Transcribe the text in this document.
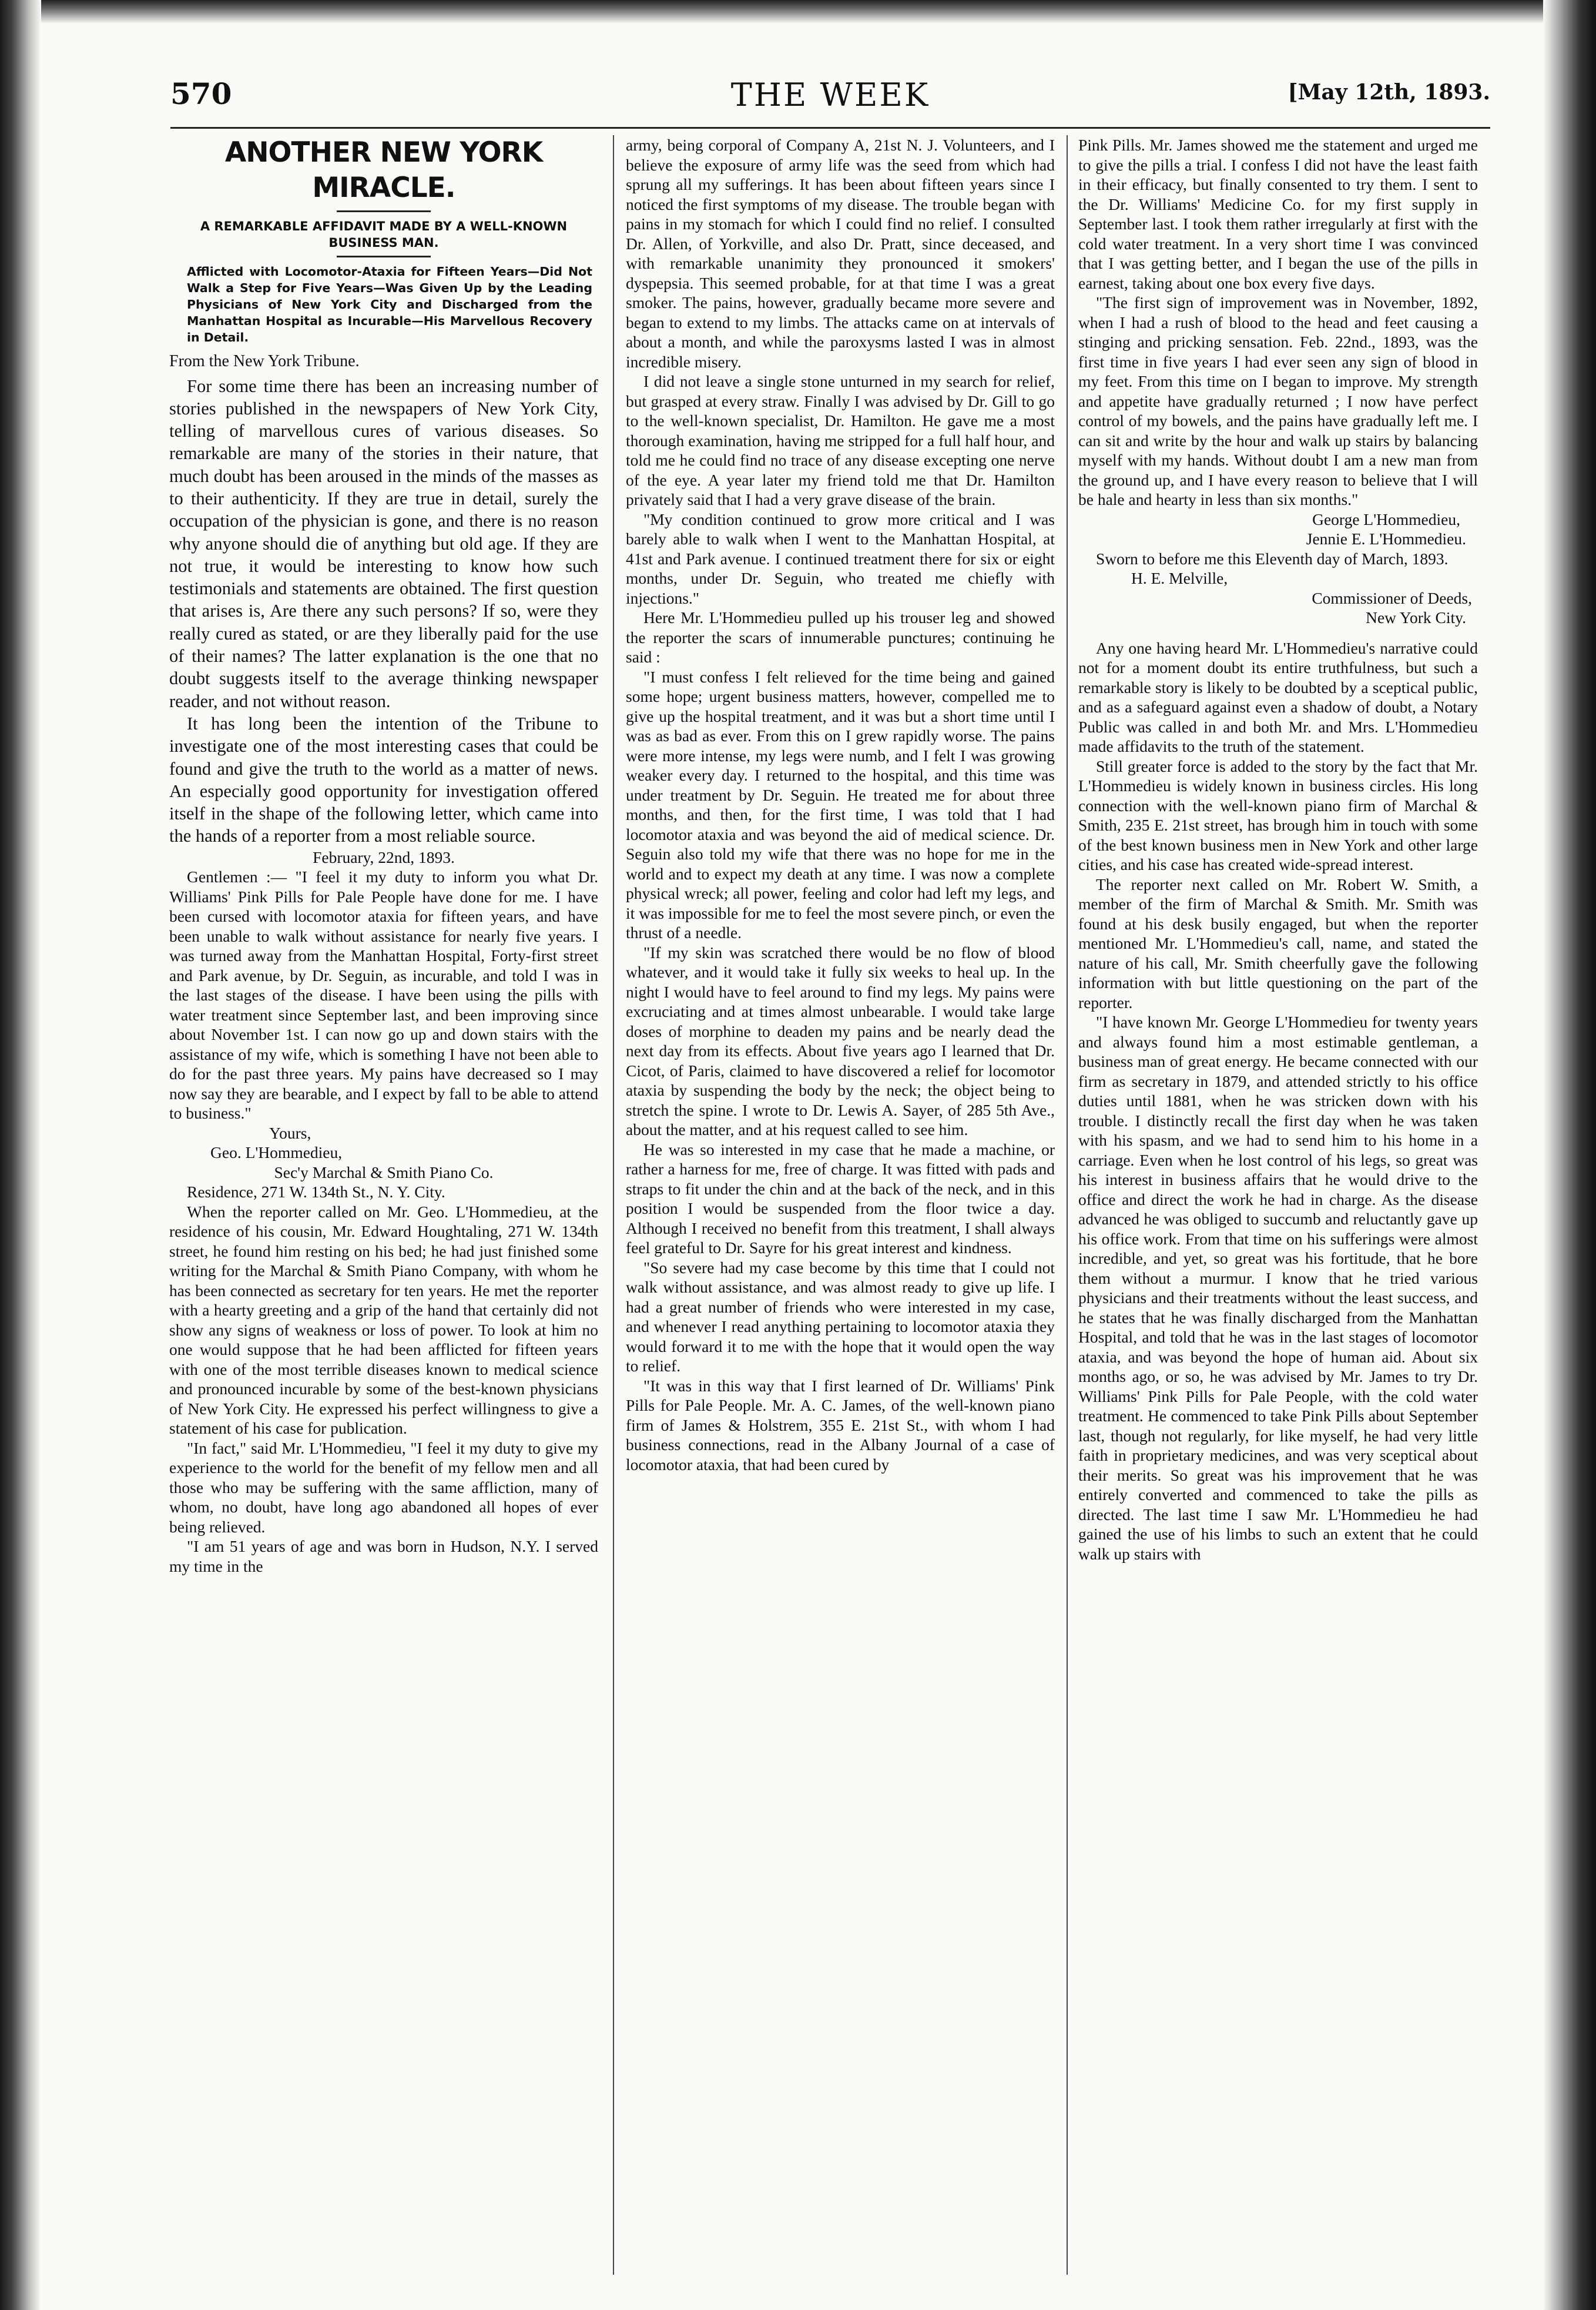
570	THE WEEK	[May 12th, 1893.
ANOTHER NEW YORK MIRACLE.
A REMARKABLE AFFIDAVIT MADE BY A WELL-KNOWN BUSINESS MAN.
Afflicted with Locomotor-Ataxia for Fifteen Years—Did Not Walk a Step for Five Years—Was Given Up by the Leading Physicians of New York City and Discharged from the Manhattan Hospital as Incurable—His Marvellous Recovery in Detail.
From the New York Tribune.

For some time there has been an increasing number of stories published in the newspapers of New York City, telling of marvellous cures of various diseases. So remarkable are many of the stories in their nature, that much doubt has been aroused in the minds of the masses as to their authenticity. If they are true in detail, surely the occupation of the physician is gone, and there is no reason why anyone should die of anything but old age. If they are not true, it would be interesting to know how such testimonials and statements are obtained. The first question that arises is, Are there any such persons? If so, were they really cured as stated, or are they liberally paid for the use of their names? The latter explanation is the one that no doubt suggests itself to the average thinking newspaper reader, and not without reason.

It has long been the intention of the Tribune to investigate one of the most interesting cases that could be found and give the truth to the world as a matter of news. An especially good opportunity for investigation offered itself in the shape of the following letter, which came into the hands of a reporter from a most reliable source.

February, 22nd, 1893.

Gentlemen :— "I feel it my duty to inform you what Dr. Williams' Pink Pills for Pale People have done for me. I have been cursed with locomotor ataxia for fifteen years, and have been unable to walk without assistance for nearly five years. I was turned away from the Manhattan Hospital, Forty-first street and Park avenue, by Dr. Seguin, as incurable, and told I was in the last stages of the disease. I have been using the pills with water treatment since September last, and been improving since about November 1st. I can now go up and down stairs with the assistance of my wife, which is something I have not been able to do for the past three years. My pains have decreased so I may now say they are bearable, and I expect by fall to be able to attend to business."

Yours,

Geo. L'Hommedieu,

Sec'y Marchal & Smith Piano Co.

Residence, 271 W. 134th St., N. Y. City.

When the reporter called on Mr. Geo. L'Hommedieu, at the residence of his cousin, Mr. Edward Houghtaling, 271 W. 134th street, he found him resting on his bed; he had just finished some writing for the Marchal & Smith Piano Company, with whom he has been connected as secretary for ten years. He met the reporter with a hearty greeting and a grip of the hand that certainly did not show any signs of weakness or loss of power. To look at him no one would suppose that he had been afflicted for fifteen years with one of the most terrible diseases known to medical science and pronounced incurable by some of the best-known physicians of New York City. He expressed his perfect willingness to give a statement of his case for publication.

"In fact," said Mr. L'Hommedieu, "I feel it my duty to give my experience to the world for the benefit of my fellow men and all those who may be suffering with the same affliction, many of whom, no doubt, have long ago abandoned all hopes of ever being relieved.

"I am 51 years of age and was born in Hudson, N.Y. I served my time in the

army, being corporal of Company A, 21st N. J. Volunteers, and I believe the exposure of army life was the seed from which had sprung all my sufferings. It has been about fifteen years since I noticed the first symptoms of my disease. The trouble began with pains in my stomach for which I could find no relief. I consulted Dr. Allen, of Yorkville, and also Dr. Pratt, since deceased, and with remarkable unanimity they pronounced it smokers' dyspepsia. This seemed probable, for at that time I was a great smoker. The pains, however, gradually became more severe and began to extend to my limbs. The attacks came on at intervals of about a month, and while the paroxysms lasted I was in almost incredible misery.

I did not leave a single stone unturned in my search for relief, but grasped at every straw. Finally I was advised by Dr. Gill to go to the well-known specialist, Dr. Hamilton. He gave me a most thorough examination, having me stripped for a full half hour, and told me he could find no trace of any disease excepting one nerve of the eye. A year later my friend told me that Dr. Hamilton privately said that I had a very grave disease of the brain.

"My condition continued to grow more critical and I was barely able to walk when I went to the Manhattan Hospital, at 41st and Park avenue. I continued treatment there for six or eight months, under Dr. Seguin, who treated me chiefly with injections."

Here Mr. L'Hommedieu pulled up his trouser leg and showed the reporter the scars of innumerable punctures; continuing he said :

"I must confess I felt relieved for the time being and gained some hope; urgent business matters, however, compelled me to give up the hospital treatment, and it was but a short time until I was as bad as ever. From this on I grew rapidly worse. The pains were more intense, my legs were numb, and I felt I was growing weaker every day. I returned to the hospital, and this time was under treatment by Dr. Seguin. He treated me for about three months, and then, for the first time, I was told that I had locomotor ataxia and was beyond the aid of medical science. Dr. Seguin also told my wife that there was no hope for me in the world and to expect my death at any time. I was now a complete physical wreck; all power, feeling and color had left my legs, and it was impossible for me to feel the most severe pinch, or even the thrust of a needle.

"If my skin was scratched there would be no flow of blood whatever, and it would take it fully six weeks to heal up. In the night I would have to feel around to find my legs. My pains were excruciating and at times almost unbearable. I would take large doses of morphine to deaden my pains and be nearly dead the next day from its effects. About five years ago I learned that Dr. Cicot, of Paris, claimed to have discovered a relief for locomotor ataxia by suspending the body by the neck; the object being to stretch the spine. I wrote to Dr. Lewis A. Sayer, of 285 5th Ave., about the matter, and at his request called to see him.

He was so interested in my case that he made a machine, or rather a harness for me, free of charge. It was fitted with pads and straps to fit under the chin and at the back of the neck, and in this position I would be suspended from the floor twice a day. Although I received no benefit from this treatment, I shall always feel grateful to Dr. Sayre for his great interest and kindness.

"So severe had my case become by this time that I could not walk without assistance, and was almost ready to give up life. I had a great number of friends who were interested in my case, and whenever I read anything pertaining to locomotor ataxia they would forward it to me with the hope that it would open the way to relief.

"It was in this way that I first learned of Dr. Williams' Pink Pills for Pale People. Mr. A. C. James, of the well-known piano firm of James & Holstrem, 355 E. 21st St., with whom I had business connections, read in the Albany Journal of a case of locomotor ataxia, that had been cured by

Pink Pills. Mr. James showed me the statement and urged me to give the pills a trial. I confess I did not have the least faith in their efficacy, but finally consented to try them. I sent to the Dr. Williams' Medicine Co. for my first supply in September last. I took them rather irregularly at first with the cold water treatment. In a very short time I was convinced that I was getting better, and I began the use of the pills in earnest, taking about one box every five days.

"The first sign of improvement was in November, 1892, when I had a rush of blood to the head and feet causing a stinging and pricking sensation. Feb. 22nd., 1893, was the first time in five years I had ever seen any sign of blood in my feet. From this time on I began to improve. My strength and appetite have gradually returned ; I now have perfect control of my bowels, and the pains have gradually left me. I can sit and write by the hour and walk up stairs by balancing myself with my hands. Without doubt I am a new man from the ground up, and I have every reason to believe that I will be hale and hearty in less than six months."

George L'Hommedieu,

Jennie E. L'Hommedieu.

Sworn to before me this Eleventh day of March, 1893.

H. E. Melville,

Commissioner of Deeds,

New York City.

Any one having heard Mr. L'Hommedieu's narrative could not for a moment doubt its entire truthfulness, but such a remarkable story is likely to be doubted by a sceptical public, and as a safeguard against even a shadow of doubt, a Notary Public was called in and both Mr. and Mrs. L'Hommedieu made affidavits to the truth of the statement.

Still greater force is added to the story by the fact that Mr. L'Hommedieu is widely known in business circles. His long connection with the well-known piano firm of Marchal & Smith, 235 E. 21st street, has brough him in touch with some of the best known business men in New York and other large cities, and his case has created wide-spread interest.

The reporter next called on Mr. Robert W. Smith, a member of the firm of Marchal & Smith. Mr. Smith was found at his desk busily engaged, but when the reporter mentioned Mr. L'Hommedieu's call, name, and stated the nature of his call, Mr. Smith cheerfully gave the following information with but little questioning on the part of the reporter.

"I have known Mr. George L'Hommedieu for twenty years and always found him a most estimable gentleman, a business man of great energy. He became connected with our firm as secretary in 1879, and attended strictly to his office duties until 1881, when he was stricken down with his trouble. I distinctly recall the first day when he was taken with his spasm, and we had to send him to his home in a carriage. Even when he lost control of his legs, so great was his interest in business affairs that he would drive to the office and direct the work he had in charge. As the disease advanced he was obliged to succumb and reluctantly gave up his office work. From that time on his sufferings were almost incredible, and yet, so great was his fortitude, that he bore them without a murmur. I know that he tried various physicians and their treatments without the least success, and he states that he was finally discharged from the Manhattan Hospital, and told that he was in the last stages of locomotor ataxia, and was beyond the hope of human aid. About six months ago, or so, he was advised by Mr. James to try Dr. Williams' Pink Pills for Pale People, with the cold water treatment. He commenced to take Pink Pills about September last, though not regularly, for like myself, he had very little faith in proprietary medicines, and was very sceptical about their merits. So great was his improvement that he was entirely converted and commenced to take the pills as directed. The last time I saw Mr. L'Hommedieu he had gained the use of his limbs to such an extent that he could walk up stairs with
